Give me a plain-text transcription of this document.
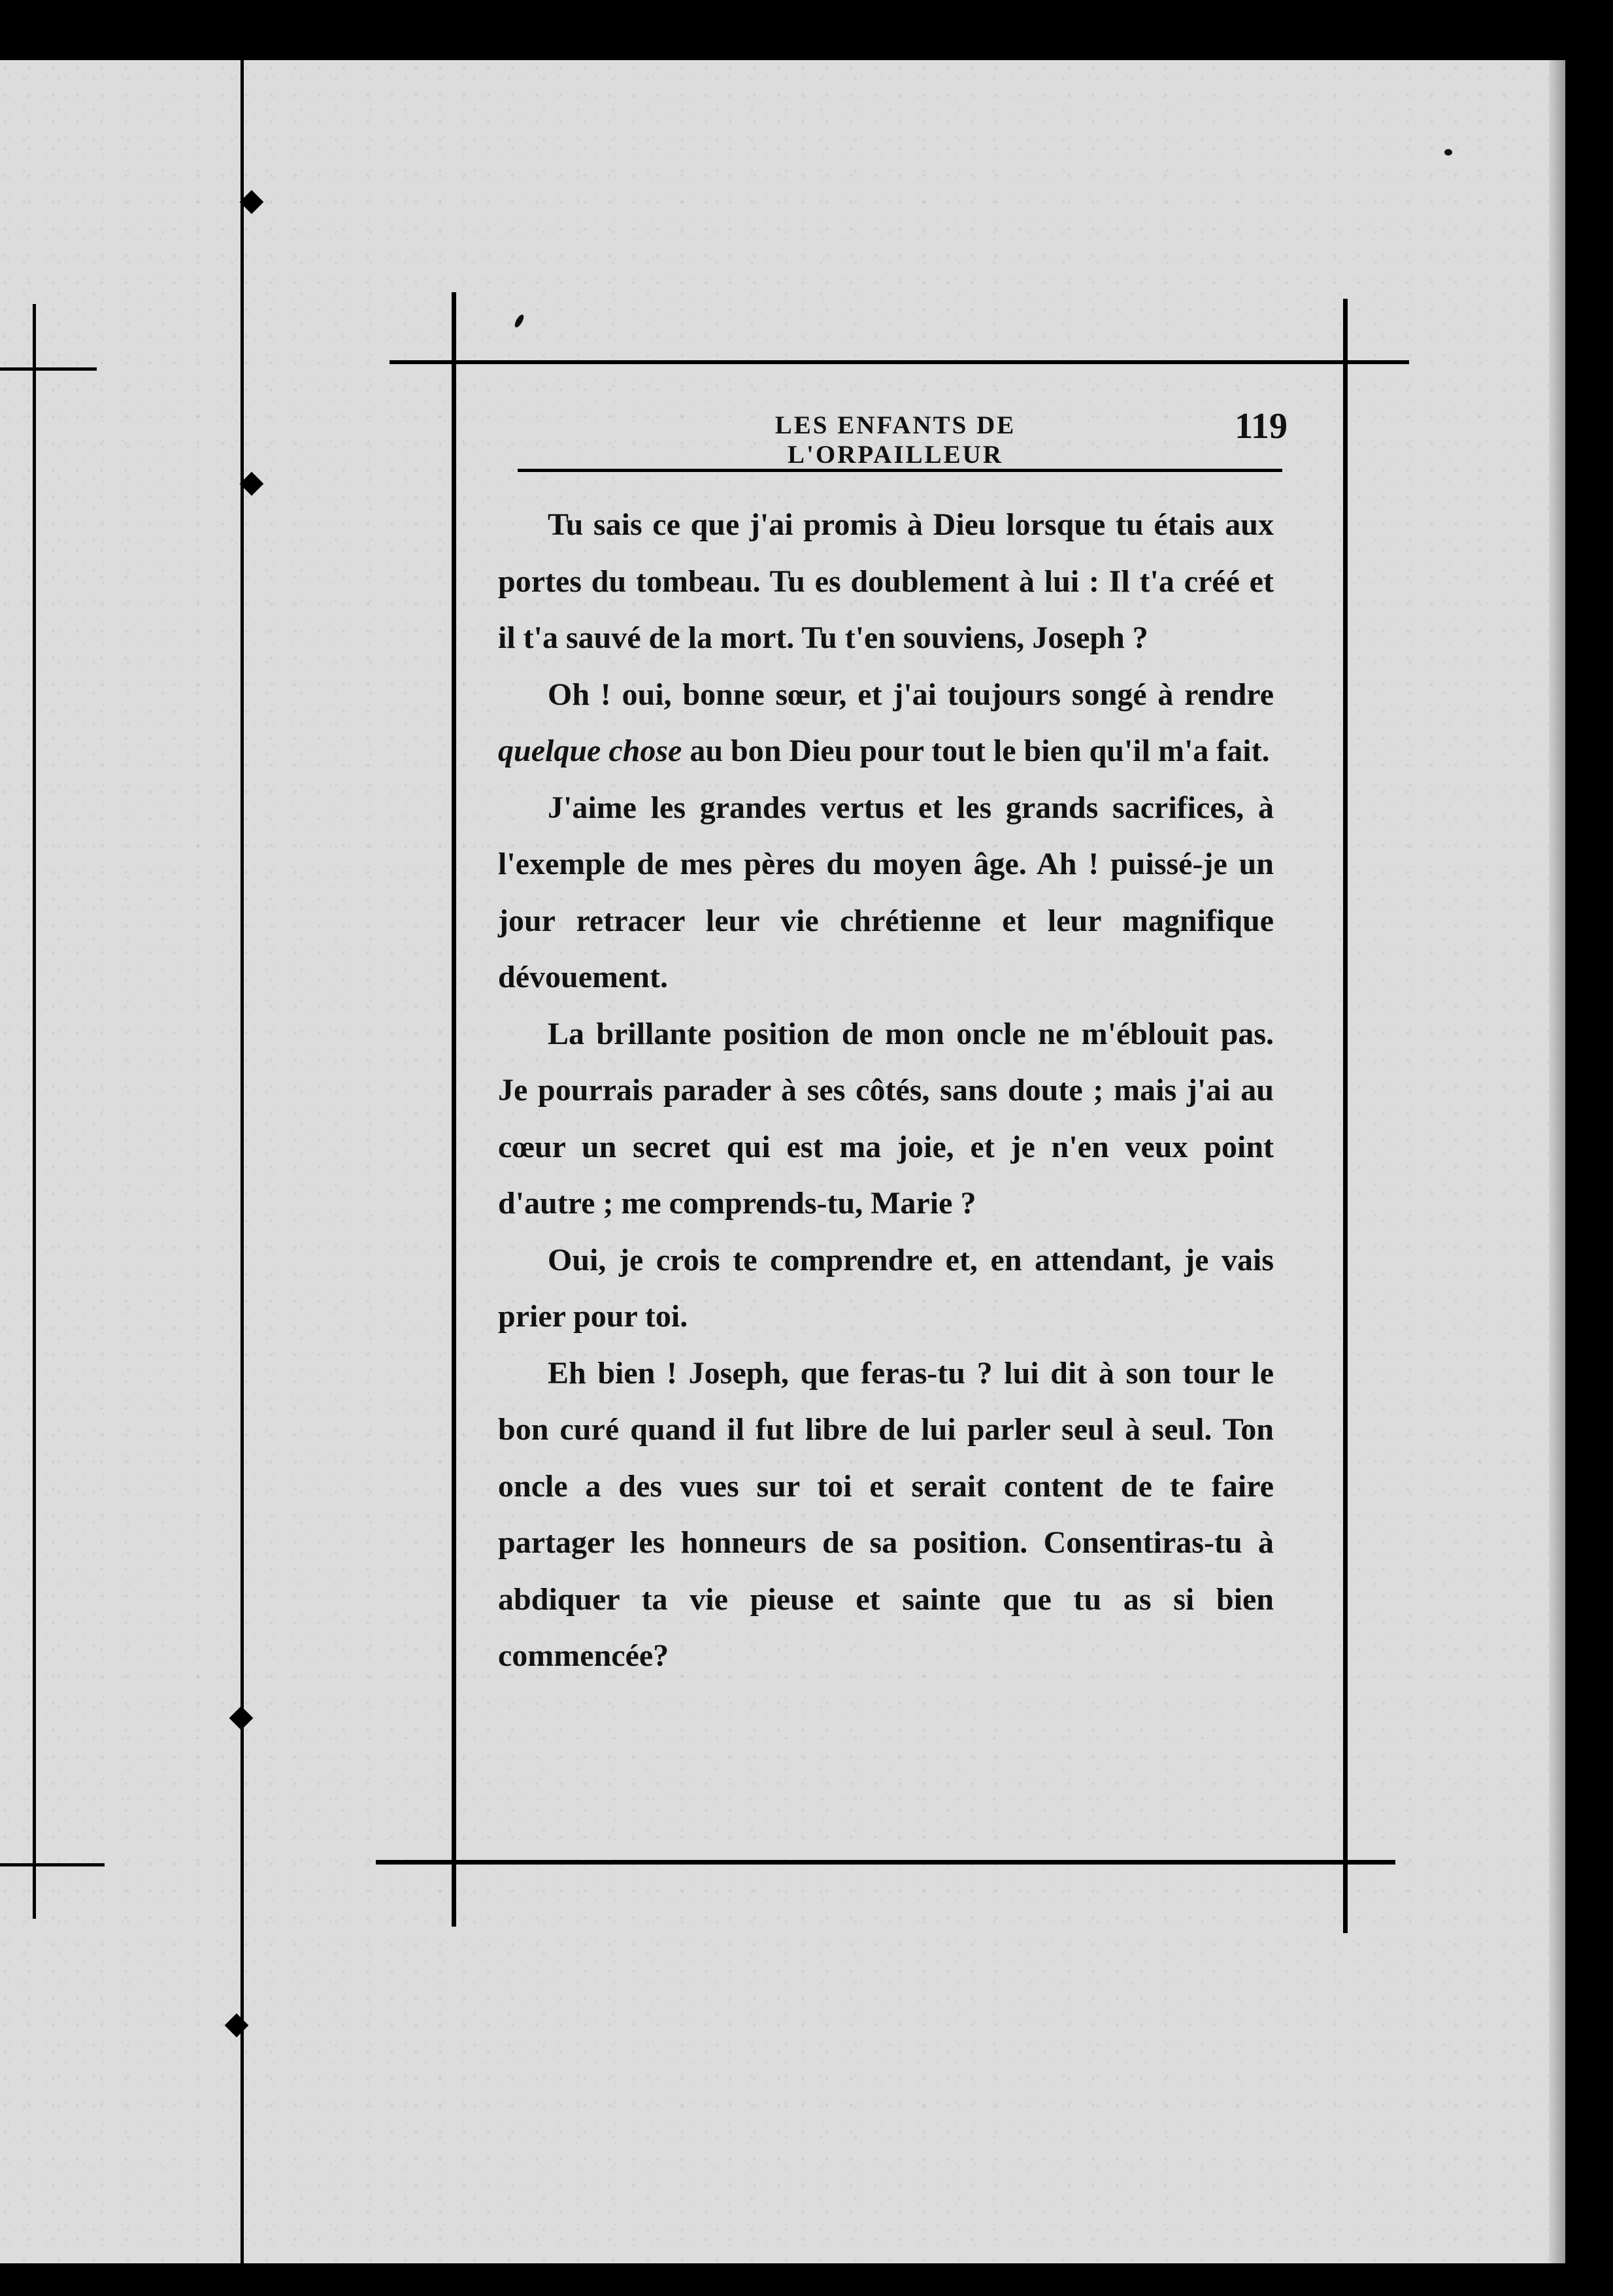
LES ENFANTS DE L'ORPAILLEUR
119

Tu sais ce que j'ai promis à Dieu lorsque tu étais aux portes du tombeau. Tu es doublement à lui : Il t'a créé et il t'a sauvé de la mort. Tu t'en souviens, Joseph ?

Oh ! oui, bonne sœur, et j'ai toujours songé à rendre quelque chose au bon Dieu pour tout le bien qu'il m'a fait.

J'aime les grandes vertus et les grands sacrifices, à l'exemple de mes pères du moyen âge. Ah ! puissé-je un jour retracer leur vie chrétienne et leur magnifique dévouement.

La brillante position de mon oncle ne m'éblouit pas. Je pourrais parader à ses côtés, sans doute ; mais j'ai au cœur un secret qui est ma joie, et je n'en veux point d'autre ; me comprends-tu, Marie ?

Oui, je crois te comprendre et, en attendant, je vais prier pour toi.

Eh bien ! Joseph, que feras-tu ? lui dit à son tour le bon curé quand il fut libre de lui parler seul à seul. Ton oncle a des vues sur toi et serait content de te faire partager les honneurs de sa position. Consentiras-tu à abdiquer ta vie pieuse et sainte que tu as si bien commencée?
